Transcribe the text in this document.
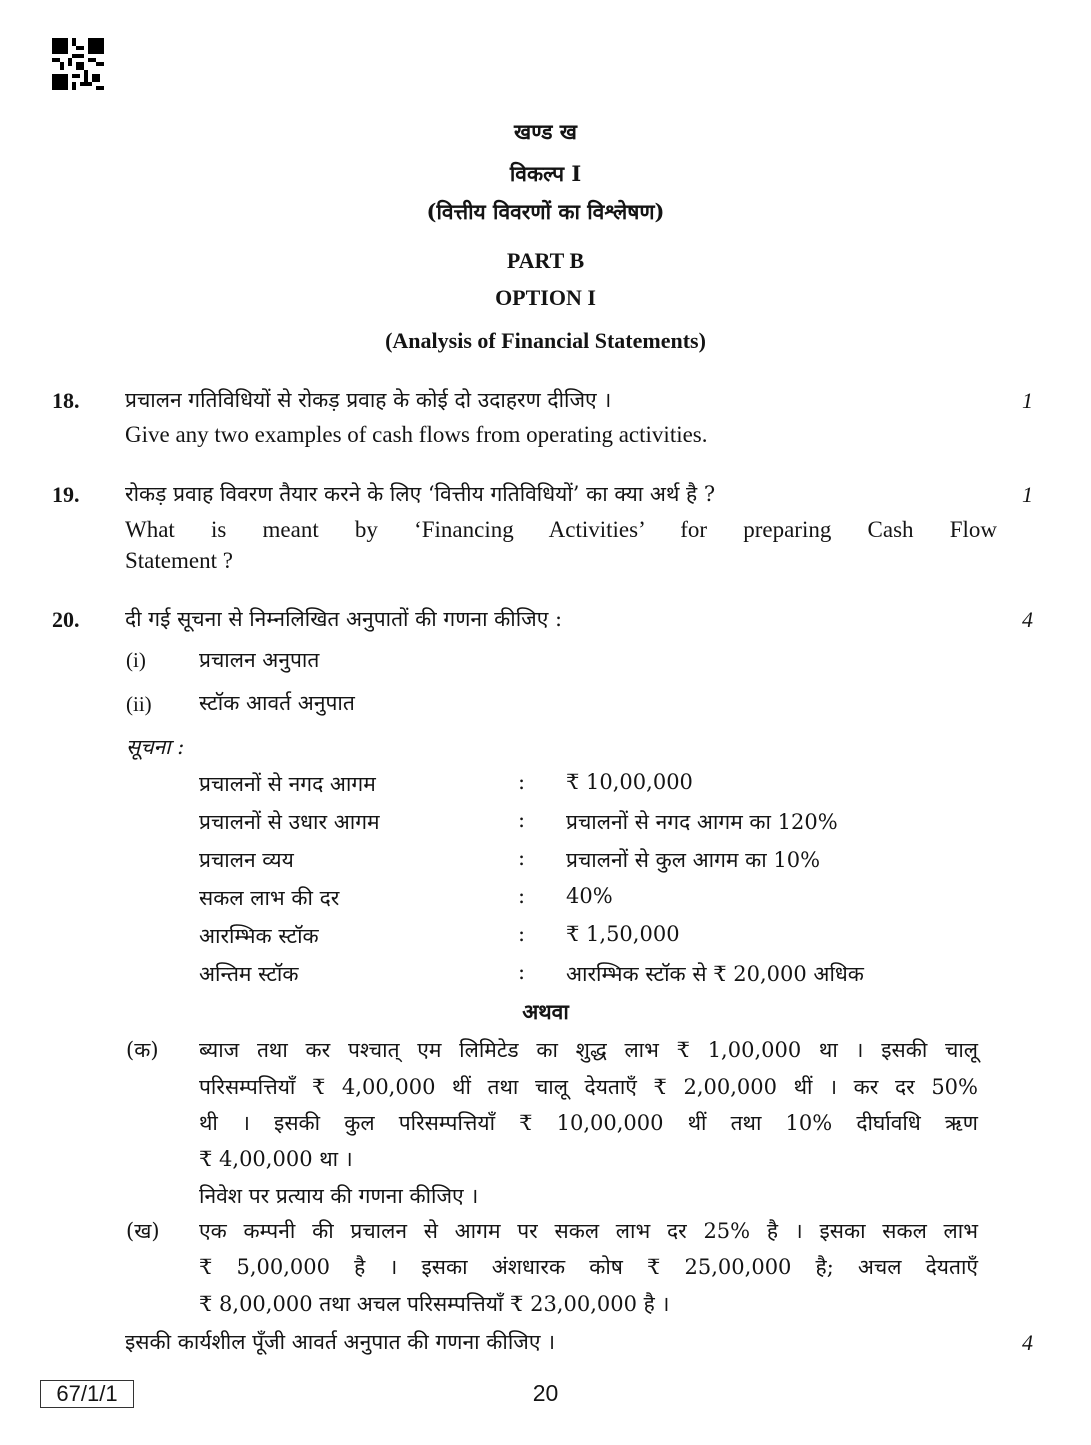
खण्ड ख
विकल्प I
(वित्तीय विवरणों का विश्लेषण)
PART B
OPTION I
(Analysis of Financial Statements)
18. प्रचालन गतिविधियों से रोकड़ प्रवाह के कोई दो उदाहरण दीजिए ।	1
Give any two examples of cash flows from operating activities.
19. रोकड़ प्रवाह विवरण तैयार करने के लिए ‘वित्तीय गतिविधियों’ का क्या अर्थ है ?	1
What is meant by ‘Financing Activities’ for preparing Cash Flow
Statement ?
20. दी गई सूचना से निम्नलिखित अनुपातों की गणना कीजिए :	4
(i)	प्रचालन अनुपात
(ii) स्टॉक आवर्त अनुपात
सूचना :
प्रचालनों से नगद आगम	: ₹ 10,00,000
प्रचालनों से उधार आगम	: प्रचालनों से नगद आगम का 120%
प्रचालन व्यय	: प्रचालनों से कुल आगम का 10%
सकल लाभ की दर	: 40%
आरम्भिक स्टॉक	: ₹ 1,50,000
अन्तिम स्टॉक	: आरम्भिक स्टॉक से ₹ 20,000 अधिक
अथवा
(क) ब्याज तथा कर पश्चात् एम लिमिटेड का शुद्ध लाभ ₹ 1,00,000 था । इसकी चालू
परिसम्पत्तियाँ ₹ 4,00,000 थीं तथा चालू देयताएँ ₹ 2,00,000 थीं । कर दर 50%
थी । इसकी कुल परिसम्पत्तियाँ ₹ 10,00,000 थीं तथा 10% दीर्घावधि ऋण
₹ 4,00,000 था ।
निवेश पर प्रत्याय की गणना कीजिए ।
(ख) एक कम्पनी की प्रचालन से आगम पर सकल लाभ दर 25% है । इसका सकल लाभ
₹ 5,00,000 है । इसका अंशधारक कोष ₹ 25,00,000 है; अचल देयताएँ
₹ 8,00,000 तथा अचल परिसम्पत्तियाँ ₹ 23,00,000 है ।
इसकी कार्यशील पूँजी आवर्त अनुपात की गणना कीजिए ।	4
67/1/1	20
